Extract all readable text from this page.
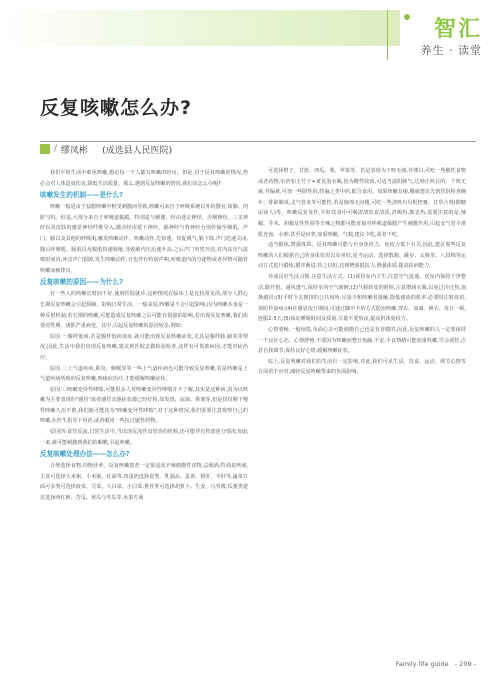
智汇
养生 · 读堂
反复咳嗽怎么办?
/ 缪凤彬 (成选县人民医院)

我们平时生活中难免咳嗽,想必每一个人都有咳嗽的经历。但是,对于反复咳嗽的情况,势必会对人体造成伤害,降低生活质量。那么,遇到反复咳嗽的情况,我们该怎么办呢?

咳嗽发生的机制——是什么?

咳嗽一般是由于祛腊咳嗽中枢受刺激而导致,咳嗽可来自于呼吸系统以外的器官,如肺、肉脏与吗。但是,大部分来自于呼吸道黏膜。特别是与刺激、经由迷走神经、舌咽神经、三叉神经以及皮肤的感觉神经纤维导入,激动经由延下神经、膈神经与脊神经分别传输至咽肌、声门、膈以及其他的呼吸肌,触发咳嗽动作。咳嗽动作,先快速、短促吸气,膈下降,声门迅速关闭,随后呼吸肌、膈肌以及腹肌快速收缩,导致肺内压迅速升高,之后声门突然开放,对内高压气流喷射而出,冲击声门裂隙,发生咳嗽动作,且也伴有特别声响,呼吸道内的分泌物或者异物可随着咳嗽而被排出。

反复咳嗽的原因——为什么?

有一些人的咳嗽长时间不好,使到医院就诊,这种情况在临床上是比较常见的,部分人群心长期反复咳嗽会引起烦躁、影响日常生活、一般来说,咳嗽是不会引起影响,因为咳嗽本身是一种反射机制,若长期的咳嗽,可能造成反复咳嗽之后可能有很强的影响,若出现反复咳嗽,我们需要对性期、诱抓严重病变。其中,引起反复咳嗽的原因较多,例如:

原因一:腺样低病,若是腺样低病炎症,就可能出现反复咳嗽症状,尤其是腺样肺,肺炎等情况,因此,生活中我们出现反复咳嗽,建议到医院去做检验检查,这样有可帮助病因,才能对症治疗。

原因二:上气道疾病,鼻炎、咽喉炎等一些上气道疾病也可能导致反复咳嗽,若是咳嗽是上气道疾病所致的反复咳嗽,咳痰症治疗,才能缓解咳嗽症状。

原因三:咳嗽变异性哮喘,可能很多人对咳嗽变异性哮喘并不了解,其实是这种病,因为以咳嗽为主要表现的"感冒"或者感冒其他症状都已经好转,如发烧、流涕、鼻塞等,但是仅仅剩下慢性咳嗽久治不愈,我们就可能其为"咳嗽变异性哮喘",对于这种情况,我们需要注意观察自己的咳嗽,在医生指导下用药,或者服用一些抗过敏性药物。

原因四:食管反流,日常生活中,当出现反流性食管炎的时候,还可能伴有胃部逆分情况,如此一来,就可能刺激到我们的咽喉,引起咳嗽。

反复咳嗽处理办法——怎么办?

合理选择食物,均衡营养。反复咳嗽患者一定要适食辛辣刺激性食物,忌烟酒,特别是咳痰,主食可选择大米粥、小米粥、红面等,肉蛋奶选择瓷类、乳制品、蛋黄、猪肝、羊肝等,蔬菜方面可多类可选择菠菜、芫菜、大白菜、小白菜;推荐类可选择胡萝卜、生姜、乌骨酱;瓜蒌类建议选择西红柿、苦瓜、黄瓜与冬瓜等,水果方面

可选择橙子、甘蔗、西瓜、梨、苹果等。若是表现为干咳无痰,苔薄白,可吃一些酸性食物或者药物,中药如玉竹子+黄芪泡水喝,因为酸性收敛,可适当滋阴肺气,达到止咳目的。干咳无痰,苔偏黄,可加一些降性的,性偏之类中药,配合食用。如果咳嗽有痰,哪就建议先到医院检查确年、排除肺炎,支气管炎等可能性,若是肺部无问题,可吃一些清咳川贝枇杷膏、甘草合剂(除糖尿病人)等。咳嗽反复发作,平时饮食中可喝清清饮食清淡,清喝热,散表热,需要注意的是,辣椒、芥末、胡椒及性性调等辛辣之物都可能直接对呼吸道黏膜产生刺激作用,引起支气管平滑肌充血、水肿,甚至是痉挛,加重咳嗽、气喘,建议少吃,或者不吃。

适当锻炼,增强体质。反复咳嗽可能与自身免疫力、免疫力低下有关,因此,建议那些反复咳嗽的人们根据自己的身体状况以及喜好,适当运动、选择散跑、跳步、太极拳、八段锦等运动方式进行锻炼,循序渐进,持之以恒,达到增强抵抗力,增强体质,提高抗病能力。

养成良好生活习惯,注意生活方式。(1)保持室内卫生,注意空气流通、居室内保持干净整洁,勤开窗、通风透气,保持室内空气新鲜;(2)气候转变的时候,注意增减衣服,以免过冷过热,加换感冒;(3)平时少去拥挤的公共场所,尽量少和咳嗽者接触,降低感染的机率,必要时注射疫苗,预防传染病;(4)在感冒流行期间,可通过脚中升的方式防治咳嗽,穿衣、加减、换衣、每日一顿,连服2-3天;(5)保证睡眠时间及质量,尽量不要熬夜,提高机体免疫力。

心情要畅,一般惊慌,负面心态可能刺激自己也是有害健的,因此,反复咳嗽的人一定要保持一个良好心态、心情舒畅,不要因为咳嗽而整日焦躁,不安,不良情绪可能加重咳嗽,学会调控,注意自我调节,保持良好心情,缓解咳嗽症状。

综上,反复咳嗽对我们的生活有一定影响,对此,我们可从生活、饮食、运动、调节心情等方面着手应对,减轻反复咳嗽带来的负面影响。

Family life guide - 209 -
